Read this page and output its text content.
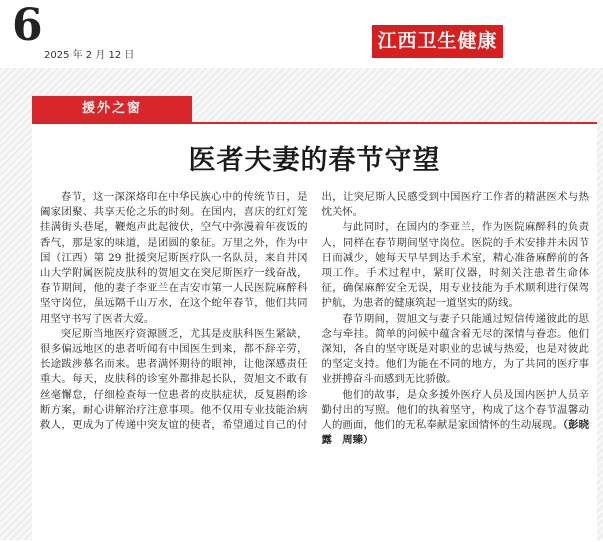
6
2025 年 2 月 12 日
江西卫生健康
援外之窗
医者夫妻的春节守望

春节，这一深深烙印在中华民族心中的传统节日，是阖家团聚、共享天伦之乐的时刻。在国内，喜庆的红灯笼挂满街头巷尾，鞭炮声此起彼伏，空气中弥漫着年夜饭的香气，那是家的味道，是团圆的象征。万里之外，作为中国（江西）第 29 批援突尼斯医疗队一名队员，来自井冈山大学附属医院皮肤科的贺旭文在突尼斯医疗一线奋战，春节期间，他的妻子李亚兰在吉安市第一人民医院麻醉科坚守岗位，虽远隔千山万水，在这个蛇年春节，他们共同用坚守书写了医者大爱。

突尼斯当地医疗资源匮乏，尤其是皮肤科医生紧缺，很多偏远地区的患者听闻有中国医生到来，都不辞辛劳，长途跋涉慕名而来。患者满怀期待的眼神，让他深感责任重大。每天，皮肤科的诊室外都排起长队，贺旭文不敢有丝毫懈怠，仔细检查每一位患者的皮肤症状，反复斟酌诊断方案，耐心讲解治疗注意事项。他不仅用专业技能治病救人，更成为了传递中突友谊的使者，希望通过自己的付出，让突尼斯人民感受到中国医疗工作者的精湛医术与热忱关怀。

与此同时，在国内的李亚兰，作为医院麻醉科的负责人，同样在春节期间坚守岗位。医院的手术安排并未因节日而减少，她每天早早到达手术室，精心准备麻醉前的各项工作。手术过程中，紧盯仪器，时刻关注患者生命体征，确保麻醉安全无误，用专业技能为手术顺利进行保驾护航，为患者的健康筑起一道坚实的防线。

春节期间，贺旭文与妻子只能通过短信传递彼此的思念与牵挂。简单的问候中蕴含着无尽的深情与眷恋。他们深知，各自的坚守既是对职业的忠诚与热爱，也是对彼此的坚定支持。他们为能在不同的地方，为了共同的医疗事业拼搏奋斗而感到无比骄傲。

他们的故事，是众多援外医疗人员及国内医护人员辛勤付出的写照。他们的执着坚守，构成了这个春节温馨动人的画面，他们的无私奉献是家国情怀的生动展现。（彭晓露　周臻）
